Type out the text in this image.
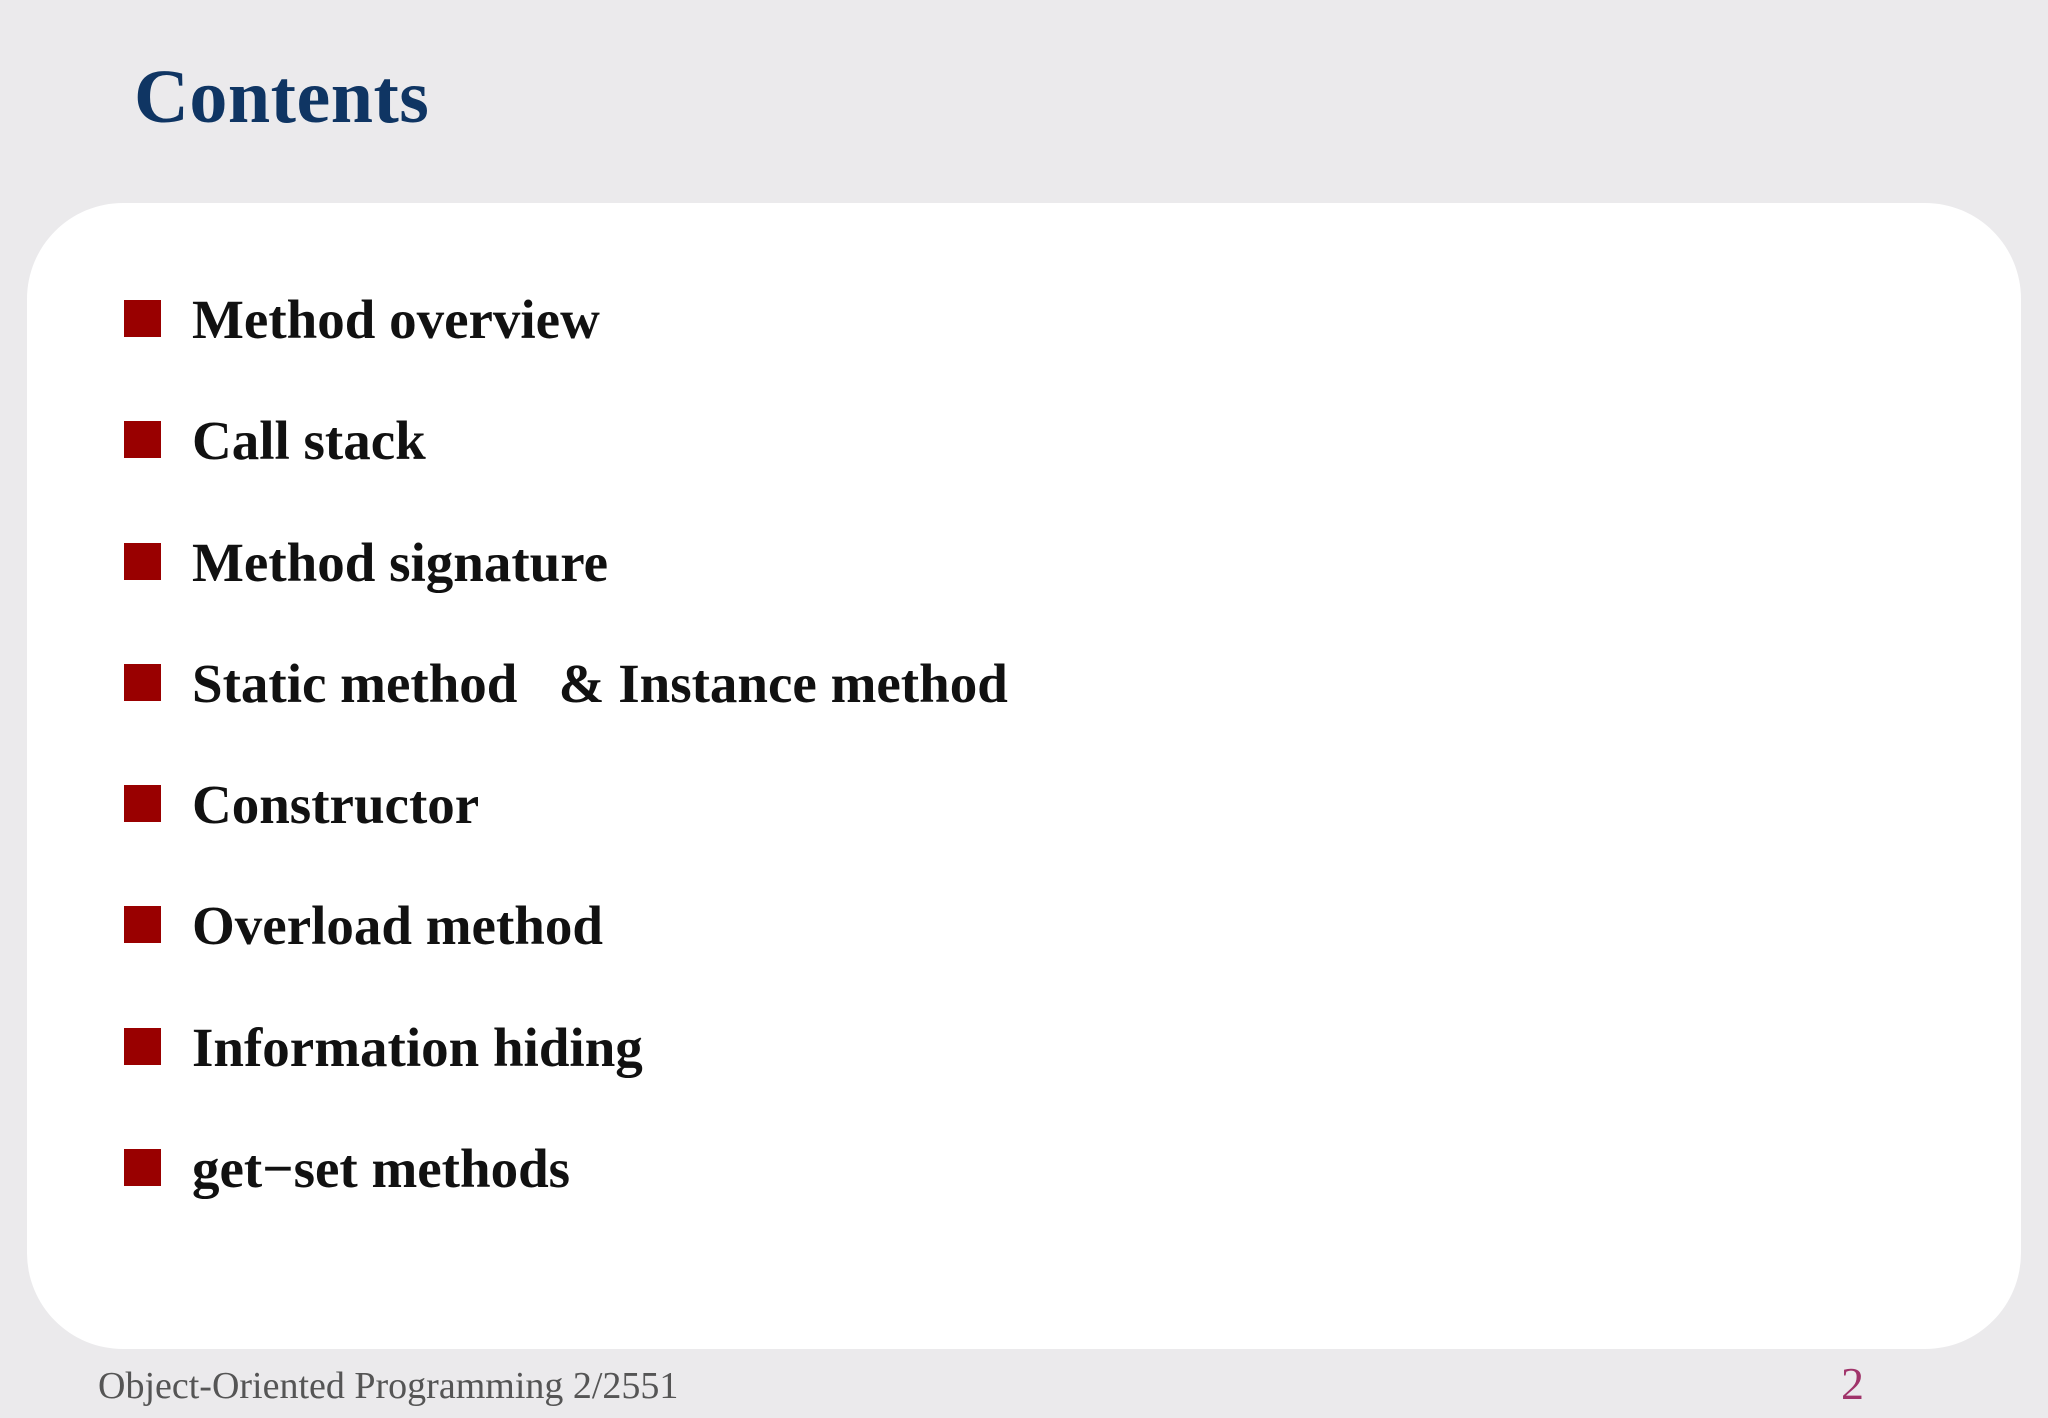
Contents
Method overview
Call stack
Method signature
Static method   & Instance method
Constructor
Overload method
Information hiding
get−set methods
Object-Oriented Programming 2/2551	2
